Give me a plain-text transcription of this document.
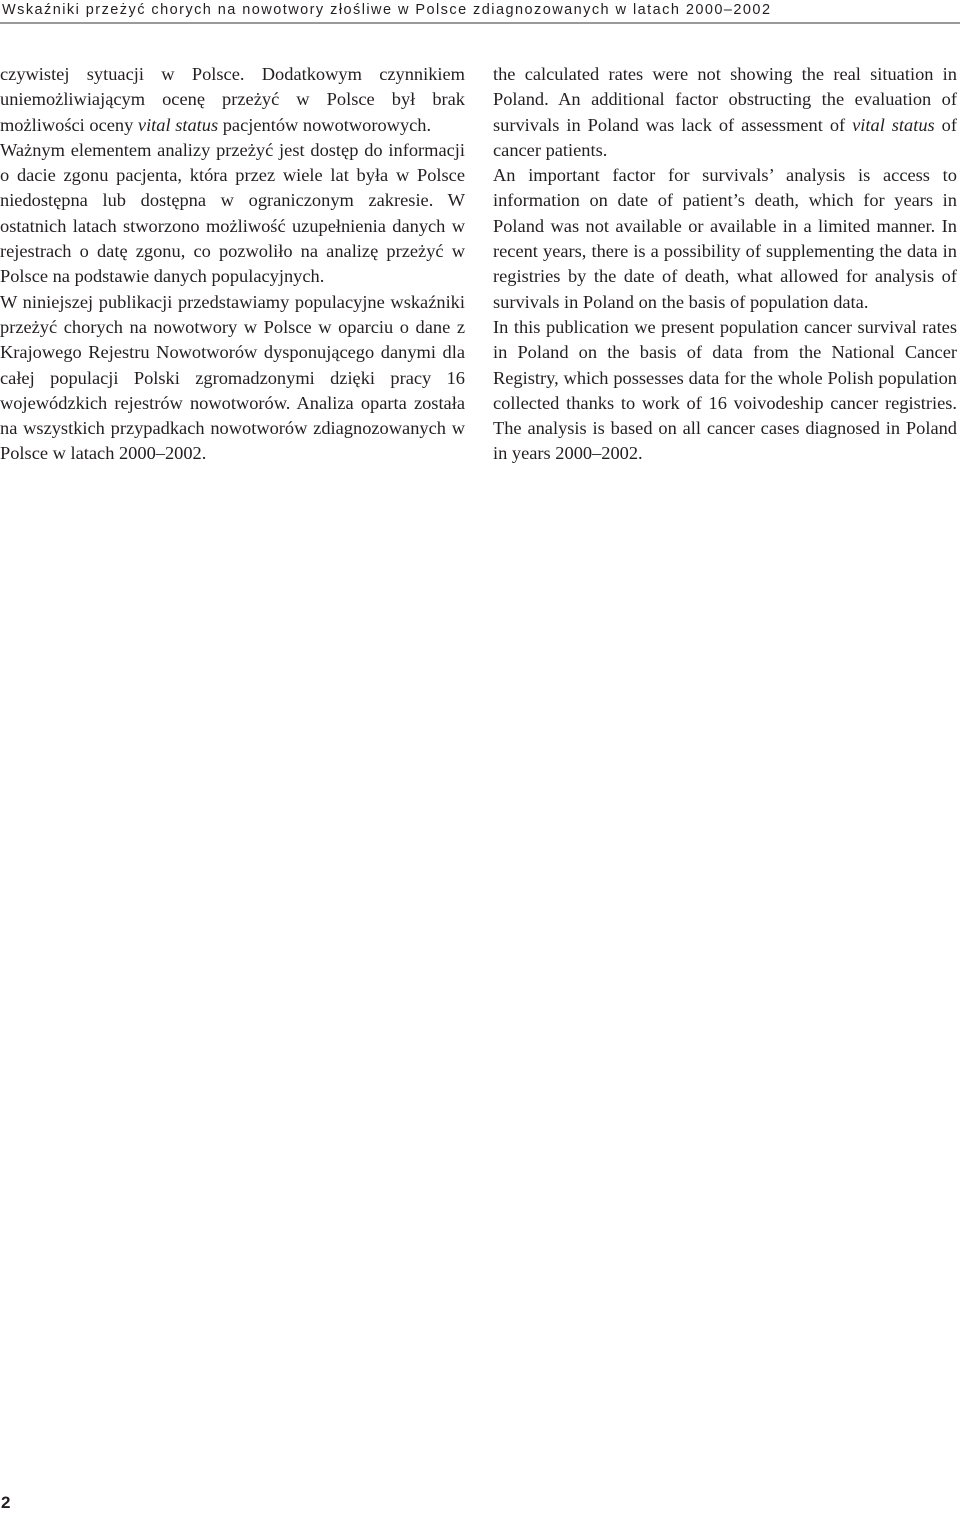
Wskaźniki przeżyć chorych na nowotwory złośliwe w Polsce zdiagnozowanych w latach 2000–2002

czywistej sytuacji w Polsce. Dodatkowym czynnikiem uniemożliwiającym ocenę przeżyć w Polsce był brak możliwości oceny vital status pacjentów nowotworowych.

Ważnym elementem analizy przeżyć jest dostęp do informacji o dacie zgonu pacjenta, która przez wiele lat była w Polsce niedostępna lub dostępna w ograniczonym zakresie. W ostatnich latach stworzono możliwość uzupełnienia danych w rejestrach o datę zgonu, co pozwoliło na analizę przeżyć w Polsce na podstawie danych populacyjnych.

W niniejszej publikacji przedstawiamy populacyjne wskaźniki przeżyć chorych na nowotwory w Polsce w oparciu o dane z Krajowego Rejestru Nowotworów dysponującego danymi dla całej populacji Polski zgromadzonymi dzięki pracy 16 wojewódzkich rejestrów nowotworów. Analiza oparta została na wszystkich przypadkach nowotworów zdiagnozowanych w Polsce w latach 2000–2002.

the calculated rates were not showing the real situation in Poland. An additional factor obstructing the evaluation of survivals in Poland was lack of assessment of vital status of cancer patients.

An important factor for survivals’ analysis is access to information on date of patient’s death, which for years in Poland was not available or available in a limited manner. In recent years, there is a possibility of supplementing the data in registries by the date of death, what allowed for analysis of survivals in Poland on the basis of population data.

In this publication we present population cancer survival rates in Poland on the basis of data from the National Cancer Registry, which possesses data for the whole Polish population collected thanks to work of 16 voivodeship cancer registries. The analysis is based on all cancer cases diagnosed in Poland in years 2000–2002.

2
